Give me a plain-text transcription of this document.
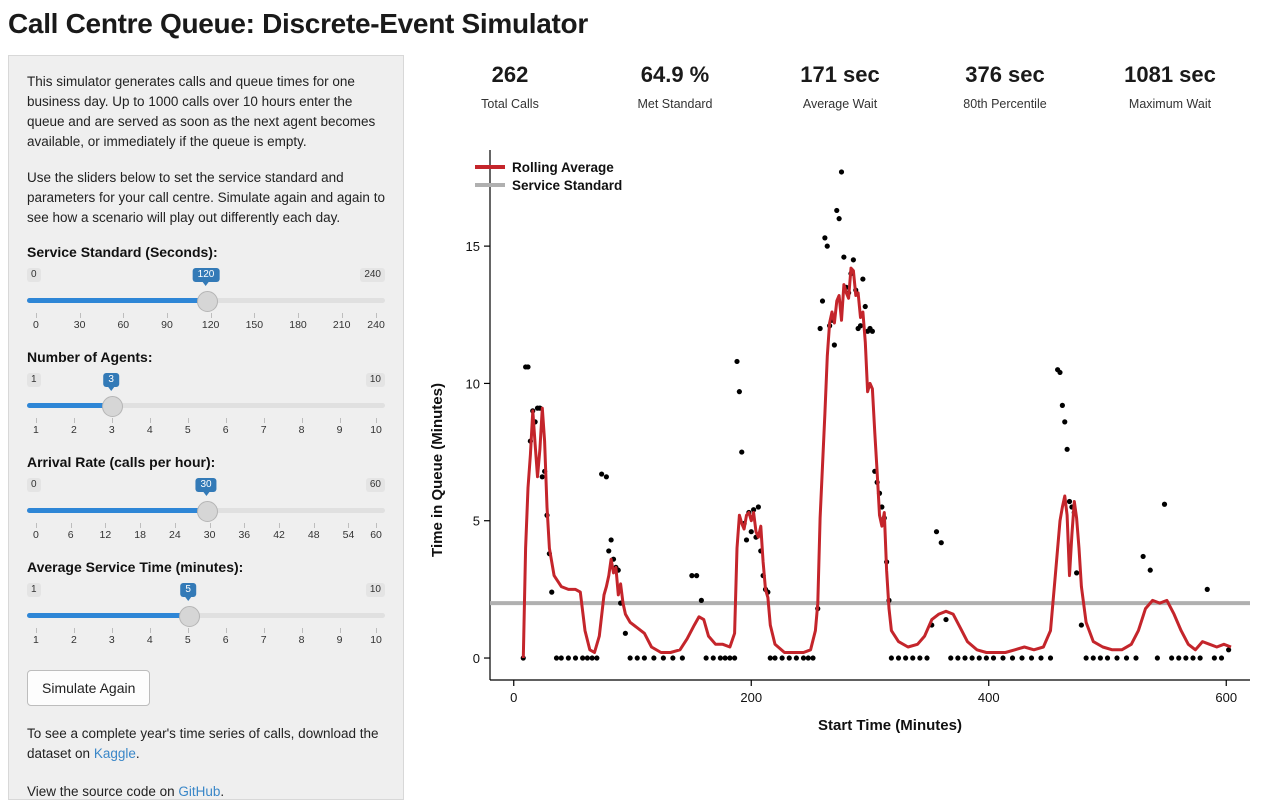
Call Centre Queue: Discrete-Event Simulator

This simulator generates calls and queue times for one business day. Up to 1000 calls over 10 hours enter the queue and are served as soon as the next agent becomes available, or immediately if the queue is empty.

Use the sliders below to set the service standard and parameters for your call centre. Simulate again and again to see how a scenario will play out differently each day.

Service Standard (Seconds):
0	240
120
0	30	60	90	120 150 180 210 240
Number of Agents:
1	10
3
1	2	3	4	5	6	7	8	9	10
Arrival Rate (calls per hour):
0	60
30
0	6 12 18 24 30 36 42 48 54 60
Average Service Time (minutes):
1	10
5
1	2	3	4	5	6	7	8	9	10
Simulate Again
To see a complete year's time series of calls, download the dataset on Kaggle.
View the source code on GitHub.
262
Total Calls
64.9 %
Met Standard
171 sec
Average Wait
376 sec
80th Percentile
1081 sec
Maximum Wait
0	200	400	600
0
5
10
15
Time in Queue (Minutes)
Start Time (Minutes)
Rolling Average
Service Standard
